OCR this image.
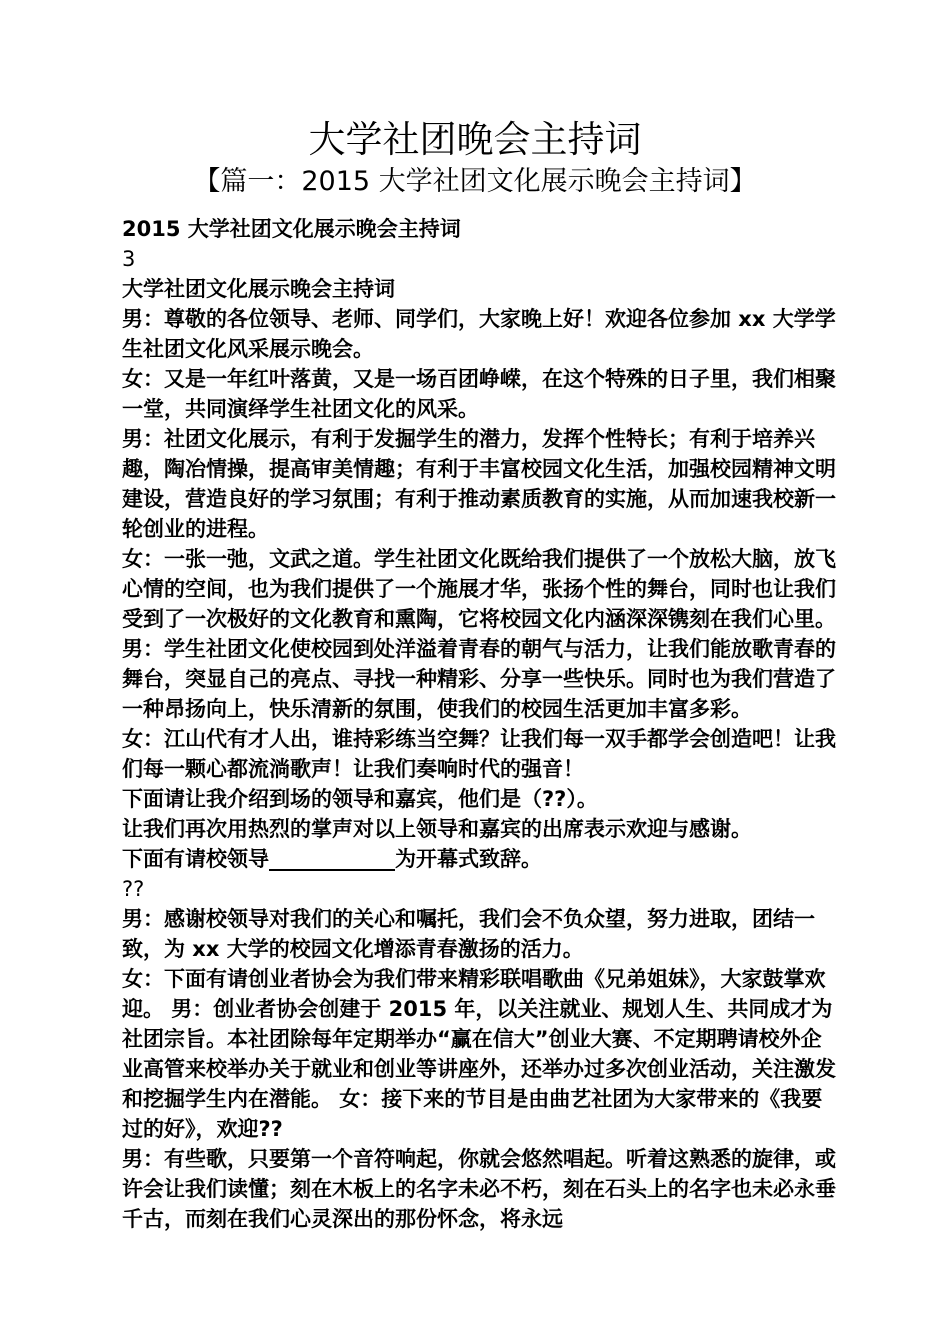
大学社团晚会主持词
【篇一：2015 大学社团文化展示晚会主持词】

2015 大学社团文化展示晚会主持词

3

大学社团文化展示晚会主持词

男：尊敬的各位领导、老师、同学们，大家晚上好！欢迎各位参加 xx 大学学生社团文化风采展示晚会。

女：又是一年红叶落黄，又是一场百团峥嵘，在这个特殊的日子里，我们相聚一堂，共同演绎学生社团文化的风采。

男：社团文化展示，有利于发掘学生的潜力，发挥个性特长；有利于培养兴趣，陶冶情操，提高审美情趣；有利于丰富校园文化生活，加强校园精神文明建设，营造良好的学习氛围；有利于推动素质教育的实施，从而加速我校新一轮创业的进程。

女：一张一弛，文武之道。学生社团文化既给我们提供了一个放松大脑，放飞心情的空间，也为我们提供了一个施展才华，张扬个性的舞台，同时也让我们受到了一次极好的文化教育和熏陶，它将校园文化内涵深深镌刻在我们心里。

男：学生社团文化使校园到处洋溢着青春的朝气与活力，让我们能放歌青春的舞台，突显自己的亮点、寻找一种精彩、分享一些快乐。同时也为我们营造了一种昂扬向上，快乐清新的氛围，使我们的校园生活更加丰富多彩。

女：江山代有才人出，谁持彩练当空舞？让我们每一双手都学会创造吧！让我们每一颗心都流淌歌声！让我们奏响时代的强音！

下面请让我介绍到场的领导和嘉宾，他们是（??）。

让我们再次用热烈的掌声对以上领导和嘉宾的出席表示欢迎与感谢。

下面有请校领导____________为开幕式致辞。

??

男：感谢校领导对我们的关心和嘱托，我们会不负众望，努力进取，团结一致，为 xx 大学的校园文化增添青春激扬的活力。

女：下面有请创业者协会为我们带来精彩联唱歌曲《兄弟姐妹》，大家鼓掌欢迎。 男：创业者协会创建于 2015 年，以关注就业、规划人生、共同成才为社团宗旨。本社团除每年定期举办“赢在信大”创业大赛、不定期聘请校外企业高管来校举办关于就业和创业等讲座外，还举办过多次创业活动，关注激发和挖掘学生内在潜能。 女：接下来的节目是由曲艺社团为大家带来的《我要过的好》，欢迎??

男：有些歌，只要第一个音符响起，你就会悠然唱起。听着这熟悉的旋律，或许会让我们读懂；刻在木板上的名字未必不朽，刻在石头上的名字也未必永垂千古，而刻在我们心灵深出的那份怀念，将永远
